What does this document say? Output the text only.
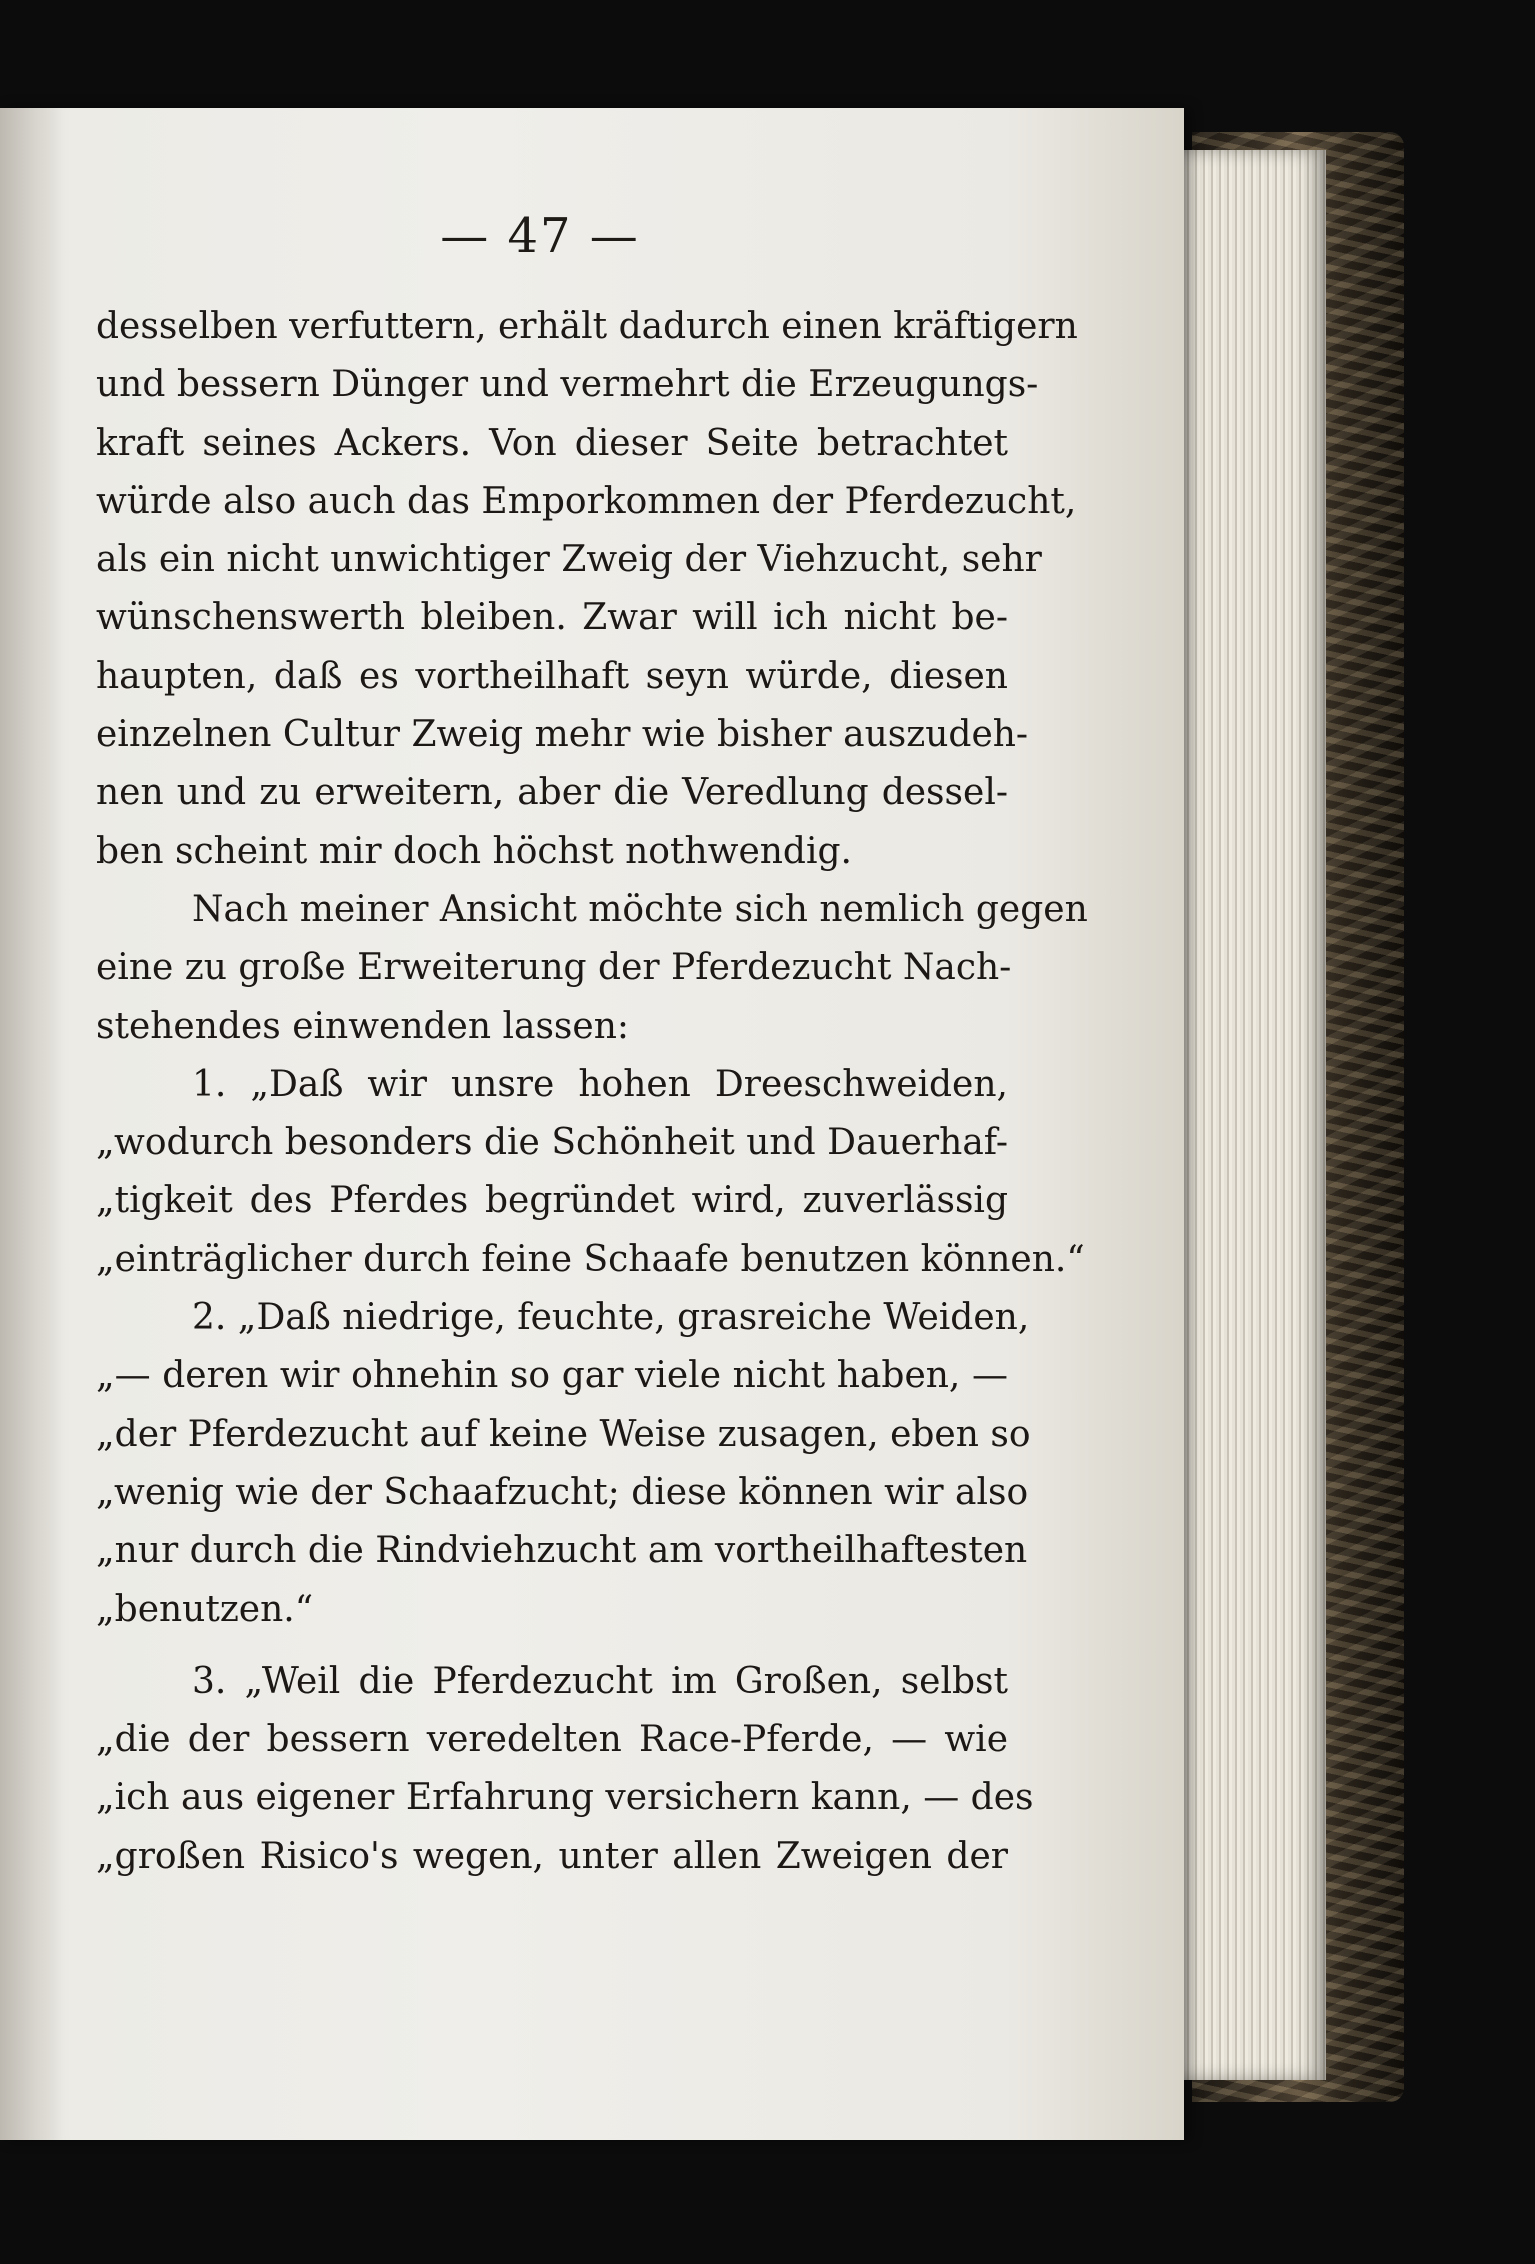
— 47 —
desselben verfuttern, erhält dadurch einen kräftigern
und bessern Dünger und vermehrt die Erzeugungs-
kraft seines Ackers. Von dieser Seite betrachtet
würde also auch das Emporkommen der Pferdezucht,
als ein nicht unwichtiger Zweig der Viehzucht, sehr
wünschenswerth bleiben. Zwar will ich nicht be-
haupten, daß es vortheilhaft seyn würde, diesen
einzelnen Cultur Zweig mehr wie bisher auszudeh-
nen und zu erweitern, aber die Veredlung dessel-
ben scheint mir doch höchst nothwendig.
Nach meiner Ansicht möchte sich nemlich gegen
eine zu große Erweiterung der Pferdezucht Nach-
stehendes einwenden lassen:
1. „Daß wir unsre hohen Dreeschweiden,
„wodurch besonders die Schönheit und Dauerhaf-
„tigkeit des Pferdes begründet wird, zuverlässig
„einträglicher durch feine Schaafe benutzen können.“
2. „Daß niedrige, feuchte, grasreiche Weiden,
„— deren wir ohnehin so gar viele nicht haben, —
„der Pferdezucht auf keine Weise zusagen, eben so
„wenig wie der Schaafzucht; diese können wir also
„nur durch die Rindviehzucht am vortheilhaftesten
„benutzen.“
3. „Weil die Pferdezucht im Großen, selbst
„die der bessern veredelten Race-Pferde, — wie
„ich aus eigener Erfahrung versichern kann, — des
„großen Risico's wegen, unter allen Zweigen der
